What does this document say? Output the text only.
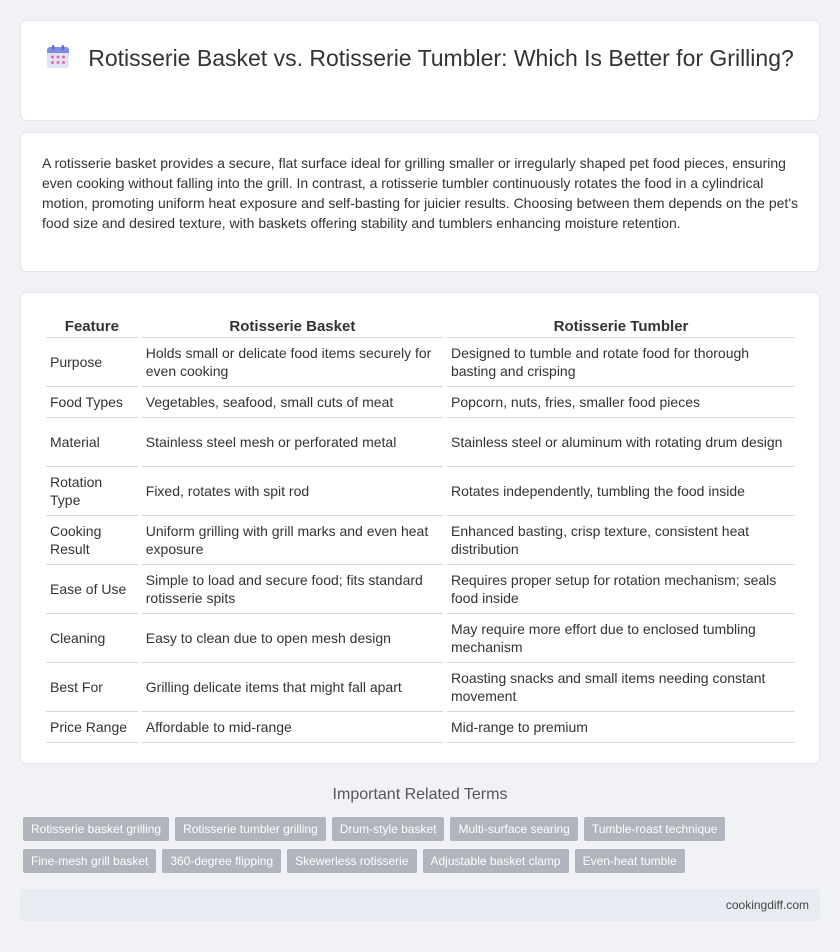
Rotisserie Basket vs. Rotisserie Tumbler: Which Is Better for Grilling?

A rotisserie basket provides a secure, flat surface ideal for grilling smaller or irregularly shaped pet food pieces, ensuring even cooking without falling into the grill. In contrast, a rotisserie tumbler continuously rotates the food in a cylindrical motion, promoting uniform heat exposure and self-basting for juicier results. Choosing between them depends on the pet's food size and desired texture, with baskets offering stability and tumblers enhancing moisture retention.

Feature	Rotisserie Basket	Rotisserie Tumbler
Purpose	Holds small or delicate food items securely for even cooking	Designed to tumble and rotate food for thorough basting and crisping
Food Types	Vegetables, seafood, small cuts of meat	Popcorn, nuts, fries, smaller food pieces
Material	Stainless steel mesh or perforated metal	Stainless steel or aluminum with rotating drum design
Rotation Type	Fixed, rotates with spit rod	Rotates independently, tumbling the food inside
Cooking Result	Uniform grilling with grill marks and even heat exposure	Enhanced basting, crisp texture, consistent heat distribution
Ease of Use	Simple to load and secure food; fits standard rotisserie spits	Requires proper setup for rotation mechanism; seals food inside
Cleaning	Easy to clean due to open mesh design	May require more effort due to enclosed tumbling mechanism
Best For	Grilling delicate items that might fall apart	Roasting snacks and small items needing constant movement
Price Range	Affordable to mid-range	Mid-range to premium
Important Related Terms
Rotisserie basket grilling	Rotisserie tumbler grilling	Drum-style basket	Multi-surface searing	Tumble-roast technique
Fine-mesh grill basket	360-degree flipping	Skewerless rotisserie	Adjustable basket clamp	Even-heat tumble
cookingdiff.com
